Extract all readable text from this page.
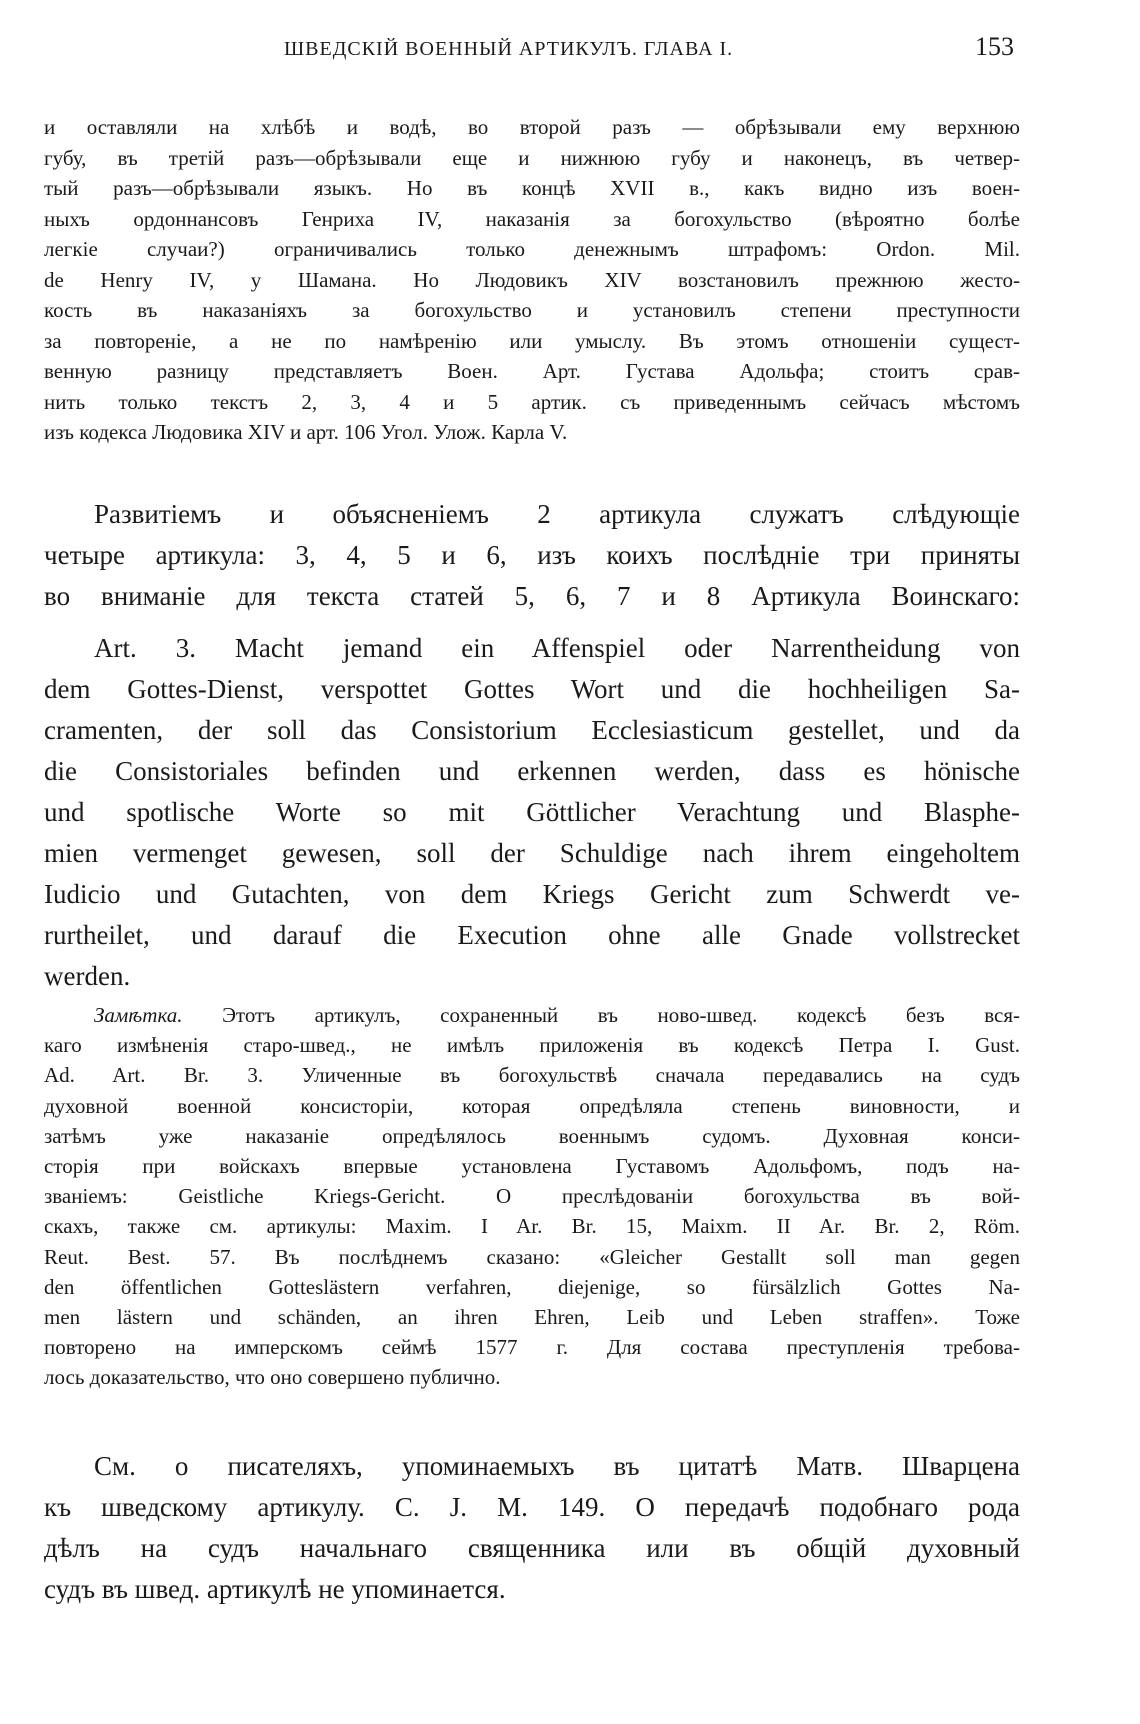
ШВЕДСКІЙ ВОЕННЫЙ АРТИКУЛЪ. ГЛАВА I.	153
и оставляли на хлѣбѣ и водѣ, во второй разъ — обрѣзывали ему верхнюю
губу, въ третій разъ—обрѣзывали еще и нижнюю губу и наконецъ, въ четвер-
тый разъ—обрѣзывали языкъ. Но въ концѣ XVII в., какъ видно изъ воен-
ныхъ ордоннансовъ Генриха IV, наказанія за богохульство (вѣроятно болѣе
легкіе случаи?) ограничивались только денежнымъ штрафомъ: Ordon. Mil.
de Henry IV, у Шамана. Но Людовикъ XIV возстановилъ прежнюю жесто-
кость въ наказаніяхъ за богохульство и установилъ степени преступности
за повтореніе, а не по намѣренію или умыслу. Въ этомъ отношеніи сущест-
венную разницу представляетъ Воен. Арт. Густава Адольфа; стоитъ срав-
нить только текстъ 2, 3, 4 и 5 артик. съ приведеннымъ сейчасъ мѣстомъ
изъ кодекса Людовика XIV и арт. 106 Угол. Улож. Карла V.
Развитіемъ и объясненіемъ 2 артикула служатъ слѣдующіе
четыре артикула: 3, 4, 5 и 6, изъ коихъ послѣдніе три приняты
во вниманіе для текста статей 5, 6, 7 и 8 Артикула Воинскаго:
Art. 3. Macht jemand ein Affenspiel oder Narrentheidung von
dem Gottes-Dienst, verspottet Gottes Wort und die hochheiligen Sa-
cramenten, der soll das Consistorium Ecclesiasticum gestellet, und da
die Consistoriales befinden und erkennen werden, dass es hönische
und spotlische Worte so mit Göttlicher Verachtung und Blasphe-
mien vermenget gewesen, soll der Schuldige nach ihrem eingeholtem
Iudicio und Gutachten, von dem Kriegs Gericht zum Schwerdt ve-
rurtheilet, und darauf die Execution ohne alle Gnade vollstrecket
werden.
Замѣтка. Этотъ артикулъ, сохраненный въ ново-швед. кодексѣ безъ вся-
каго измѣненія старо-швед., не имѣлъ приложенія въ кодексѣ Петра I. Gust.
Ad. Art. Br. 3. Уличенные въ богохульствѣ сначала передавались на судъ
духовной военной консисторіи, которая опредѣляла степень виновности, и
затѣмъ уже наказаніе опредѣлялось военнымъ судомъ. Духовная конси-
сторія при войскахъ впервые установлена Густавомъ Адольфомъ, подъ на-
званіемъ: Geistliche Kriegs-Gericht. О преслѣдованіи богохульства въ вой-
скахъ, также см. артикулы: Maxim. I Ar. Br. 15, Maixm. II Ar. Br. 2, Röm.
Reut. Best. 57. Въ послѣднемъ сказано: «Gleicher Gestallt soll man gegen
den öffentlichen Gotteslästern verfahren, diejenige, so fürsälzlich Gottes Na-
men lästern und schänden, an ihren Ehren, Leib und Leben straffen». Тоже
повторено на имперскомъ сеймѣ 1577 г. Для состава преступленія требова-
лось доказательство, что оно совершено публично.
См. о писателяхъ, упоминаемыхъ въ цитатѣ Матв. Шварцена
къ шведскому артикулу. С. J. M. 149. О передачѣ подобнаго рода
дѣлъ на судъ начальнаго священника или въ общій духовный
судъ въ швед. артикулѣ не упоминается.
